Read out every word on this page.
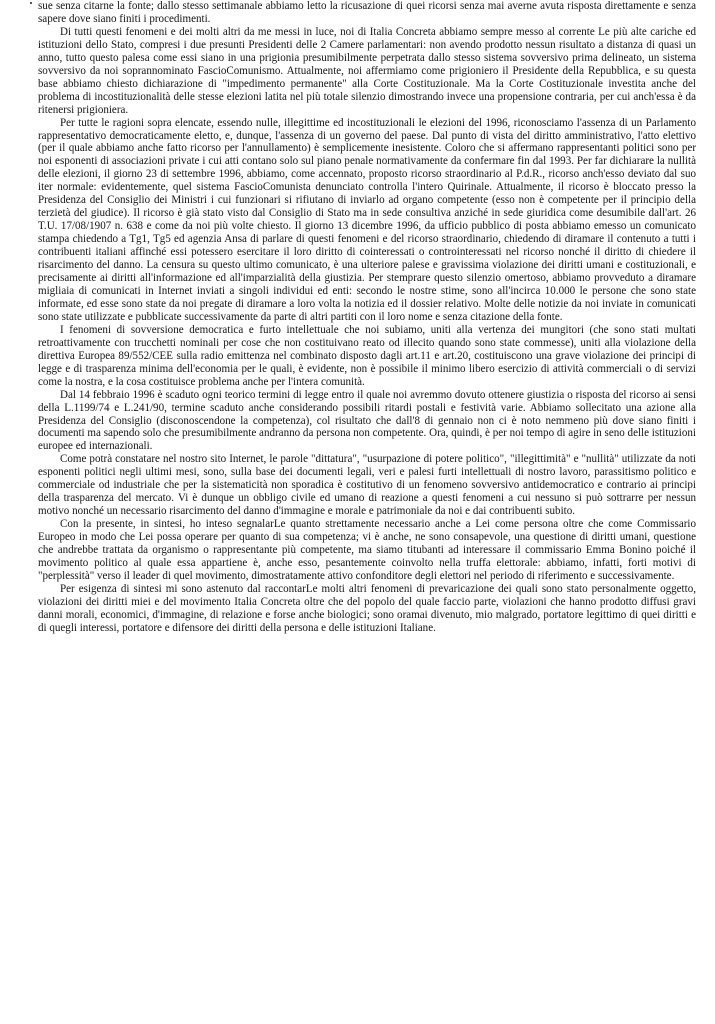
sue senza citarne la fonte; dallo stesso settimanale abbiamo letto la ricusazione di quei ricorsi senza mai averne avuta risposta direttamente e senza sapere dove siano finiti i procedimenti.

Di tutti questi fenomeni e dei molti altri da me messi in luce, noi di Italia Concreta abbiamo sempre messo al corrente Le più alte cariche ed istituzioni dello Stato, compresi i due presunti Presidenti delle 2 Camere parlamentari: non avendo prodotto nessun risultato a distanza di quasi un anno, tutto questo palesa come essi siano in una prigionia presumibilmente perpetrata dallo stesso sistema sovversivo prima delineato, un sistema sovversivo da noi soprannominato FascioComunismo. Attualmente, noi affermiamo come prigioniero il Presidente della Repubblica, e su questa base abbiamo chiesto dichiarazione di "impedimento permanente" alla Corte Costituzionale. Ma la Corte Costituzionale investita anche del problema di incostituzionalità delle stesse elezioni latita nel più totale silenzio dimostrando invece una propensione contraria, per cui anch'essa è da ritenersi prigioniera.

Per tutte le ragioni sopra elencate, essendo nulle, illegittime ed incostituzionali le elezioni del 1996, riconosciamo l'assenza di un Parlamento rappresentativo democraticamente eletto, e, dunque, l'assenza di un governo del paese. Dal punto di vista del diritto amministrativo, l'atto elettivo (per il quale abbiamo anche fatto ricorso per l'annullamento) è semplicemente inesistente. Coloro che si affermano rappresentanti politici sono per noi esponenti di associazioni private i cui atti contano solo sul piano penale normativamente da confermare fin dal 1993. Per far dichiarare la nullità delle elezioni, il giorno 23 di settembre 1996, abbiamo, come accennato, proposto ricorso straordinario al P.d.R., ricorso anch'esso deviato dal suo iter normale: evidentemente, quel sistema FascioComunista denunciato controlla l'intero Quirinale. Attualmente, il ricorso è bloccato presso la Presidenza del Consiglio dei Ministri i cui funzionari si rifiutano di inviarlo ad organo competente (esso non è competente per il principio della terzietà del giudice). Il ricorso è già stato visto dal Consiglio di Stato ma in sede consultiva anziché in sede giuridica come desumibile dall'art. 26 T.U. 17/08/1907 n. 638 e come da noi più volte chiesto. Il giorno 13 dicembre 1996, da ufficio pubblico di posta abbiamo emesso un comunicato stampa chiedendo a Tg1, Tg5 ed agenzia Ansa di parlare di questi fenomeni e del ricorso straordinario, chiedendo di diramare il contenuto a tutti i contribuenti italiani affinché essi potessero esercitare il loro diritto di cointeressati o controinteressati nel ricorso nonché il diritto di chiedere il risarcimento del danno. La censura su questo ultimo comunicato, è una ulteriore palese e gravissima violazione dei diritti umani e costituzionali, e precisamente ai diritti all'informazione ed all'imparzialità della giustizia. Per stemprare questo silenzio omertoso, abbiamo provveduto a diramare migliaia di comunicati in Internet inviati a singoli individui ed enti: secondo le nostre stime, sono all'incirca 10.000 le persone che sono state informate, ed esse sono state da noi pregate di diramare a loro volta la notizia ed il dossier relativo. Molte delle notizie da noi inviate in comunicati sono state utilizzate e pubblicate successivamente da parte di altri partiti con il loro nome e senza citazione della fonte.

I fenomeni di sovversione democratica e furto intellettuale che noi subiamo, uniti alla vertenza dei mungitori (che sono stati multati retroattivamente con trucchetti nominali per cose che non costituivano reato od illecito quando sono state commesse), uniti alla violazione della direttiva Europea 89/552/CEE sulla radio emittenza nel combinato disposto dagli art.11 e art.20, costituiscono una grave violazione dei principi di legge e di trasparenza minima dell'economia per le quali, è evidente, non è possibile il minimo libero esercizio di attività commerciali o di servizi come la nostra, e la cosa costituisce problema anche per l'intera comunità.

Dal 14 febbraio 1996 è scaduto ogni teorico termini di legge entro il quale noi avremmo dovuto ottenere giustizia o risposta del ricorso ai sensi della L.1199/74 e L.241/90, termine scaduto anche considerando possibili ritardi postali e festività varie. Abbiamo sollecitato una azione alla Presidenza del Consiglio (disconoscendone la competenza), col risultato che dall'8 di gennaio non ci è noto nemmeno più dove siano finiti i documenti ma sapendo solo che presumibilmente andranno da persona non competente. Ora, quindi, è per noi tempo di agire in seno delle istituzioni europee ed internazionali.

Come potrà constatare nel nostro sito Internet, le parole "dittatura", "usurpazione di potere politico", "illegittimità" e "nullità" utilizzate da noti esponenti politici negli ultimi mesi, sono, sulla base dei documenti legali, veri e palesi furti intellettuali di nostro lavoro, parassitismo politico e commerciale od industriale che per la sistematicità non sporadica è costitutivo di un fenomeno sovversivo antidemocratico e contrario ai principi della trasparenza del mercato. Vi è dunque un obbligo civile ed umano di reazione a questi fenomeni a cui nessuno si può sottrarre per nessun motivo nonché un necessario risarcimento del danno d'immagine e morale e patrimoniale da noi e dai contribuenti subito.

Con la presente, in sintesi, ho inteso segnalarLe quanto strettamente necessario anche a Lei come persona oltre che come Commissario Europeo in modo che Lei possa operare per quanto di sua competenza; vi è anche, ne sono consapevole, una questione di diritti umani, questione che andrebbe trattata da organismo o rappresentante più competente, ma siamo titubanti ad interessare il commissario Emma Bonino poiché il movimento politico al quale essa appartiene è, anche esso, pesantemente coinvolto nella truffa elettorale: abbiamo, infatti, forti motivi di "perplessità" verso il leader di quel movimento, dimostratamente attivo confonditore degli elettori nel periodo di riferimento e successivamente.

Per esigenza di sintesi mi sono astenuto dal raccontarLe molti altri fenomeni di prevaricazione dei quali sono stato personalmente oggetto, violazioni dei diritti miei e del movimento Italia Concreta oltre che del popolo del quale faccio parte, violazioni che hanno prodotto diffusi gravi danni morali, economici, d'immagine, di relazione e forse anche biologici; sono oramai divenuto, mio malgrado, portatore legittimo di quei diritti e di quegli interessi, portatore e difensore dei diritti della persona e delle istituzioni Italiane.
